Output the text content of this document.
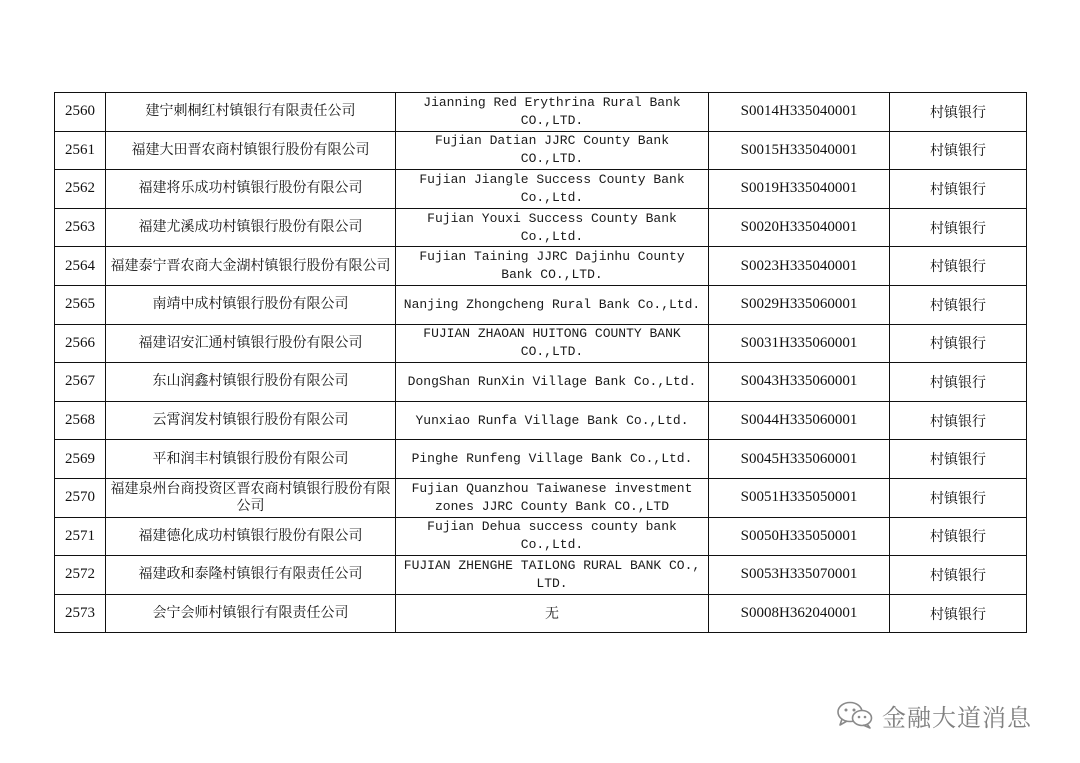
2560	建宁刺桐红村镇银行有限责任公司	Jianning Red Erythrina Rural Bank CO.,LTD.	S0014H335040001	村镇银行
2561	福建大田晋农商村镇银行股份有限公司	Fujian Datian JJRC County Bank CO.,LTD.	S0015H335040001	村镇银行
2562	福建将乐成功村镇银行股份有限公司	Fujian Jiangle Success County Bank Co.,Ltd.	S0019H335040001	村镇银行
2563	福建尤溪成功村镇银行股份有限公司	Fujian Youxi Success County Bank Co.,Ltd.	S0020H335040001	村镇银行
2564	福建泰宁晋农商大金湖村镇银行股份有限公司	Fujian Taining JJRC Dajinhu County Bank CO.,LTD.	S0023H335040001	村镇银行
2565	南靖中成村镇银行股份有限公司	Nanjing Zhongcheng Rural Bank Co.,Ltd.	S0029H335060001	村镇银行
2566	福建诏安汇通村镇银行股份有限公司	FUJIAN ZHAOAN HUITONG COUNTY BANK CO.,LTD.	S0031H335060001	村镇银行
2567	东山润鑫村镇银行股份有限公司	DongShan RunXin Village Bank Co.,Ltd.	S0043H335060001	村镇银行
2568	云霄润发村镇银行股份有限公司	Yunxiao Runfa Village Bank Co.,Ltd.	S0044H335060001	村镇银行
2569	平和润丰村镇银行股份有限公司	Pinghe Runfeng Village Bank Co.,Ltd.	S0045H335060001	村镇银行
2570	福建泉州台商投资区晋农商村镇银行股份有限公司	Fujian Quanzhou Taiwanese investment zones JJRC County Bank CO.,LTD	S0051H335050001	村镇银行
2571	福建德化成功村镇银行股份有限公司	Fujian Dehua success county bank Co.,Ltd.	S0050H335050001	村镇银行
2572	福建政和泰隆村镇银行有限责任公司	FUJIAN ZHENGHE TAILONG RURAL BANK CO., LTD.	S0053H335070001	村镇银行
2573	会宁会师村镇银行有限责任公司	无	S0008H362040001	村镇银行
金融大道消息
